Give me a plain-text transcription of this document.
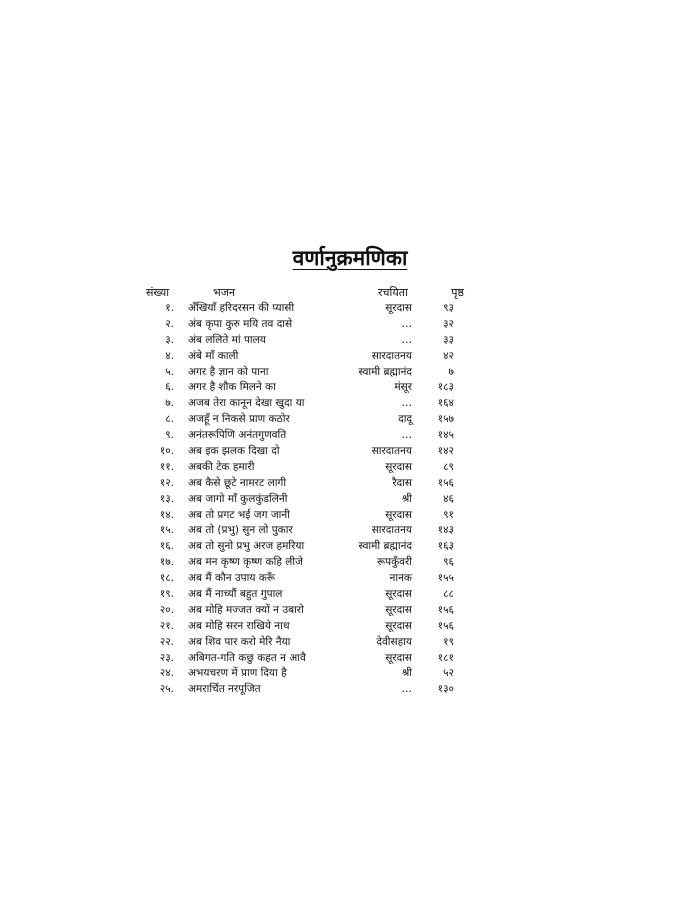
वर्णानुक्रमणिका
संख्या	भजन	रचयिता	पृष्ठ
१. अँखियाँ हरिदरसन की प्यासी	सूरदास	९३
२. अंब कृपा कुरु मयि तव दासे	…	३२
३. अंब ललिते मां पालय	…	३३
४. अंबे माँ काली	सारदातनय	४२
५. अगर है ज्ञान को पाना	स्वामी ब्रह्मानंद	७
६. अगर है शौक मिलने का	मंसूर	१८३
७. अजब तेरा कानून देखा खुदा या	…	१६४
८. अजहूँ न निकसे प्राण कठोर	दादू	१५७
९. अनंतरूपिणि अनंतगुणवति	…	१४५
१०. अब इक झलक दिखा दो	सारदातनय	१४२
११. अबकी टेक हमारी	सूरदास	८९
१२. अब कैसे छूटे नामरट लागी	रैदास	१५६
१३. अब जागो माँ कुलकुंडलिनी	श्री	४६
१४. अब तो प्रगट भई जग जानी	सूरदास	९१
१५. अब तो (प्रभु) सुन लो पुकार	सारदातनय	१४३
१६. अब तो सुनो प्रभु अरज हमरिया	स्वामी ब्रह्मानंद	१६३
१७. अब मन कृष्ण कृष्ण कहि लीजे	रूपकुँवरी	९६
१८. अब मैं कौन उपाय करूँ	नानक	१५५
१९. अब मैं नाच्यौं बहुत गुपाल	सूरदास	८८
२०. अब मोहि मज्जत क्यों न उबारो	सूरदास	१५६
२१. अब मोहि सरन राखिये नाथ	सूरदास	१५६
२२. अब शिव पार करो मेरि नैया	देवीसहाय	१९
२३. अबिगत-गति कछु कहत न आवै	सूरदास	१८१
२४. अभयचरण में प्राण दिया है	श्री	५२
२५. अमरार्चित नरपूजित	…	१३०
